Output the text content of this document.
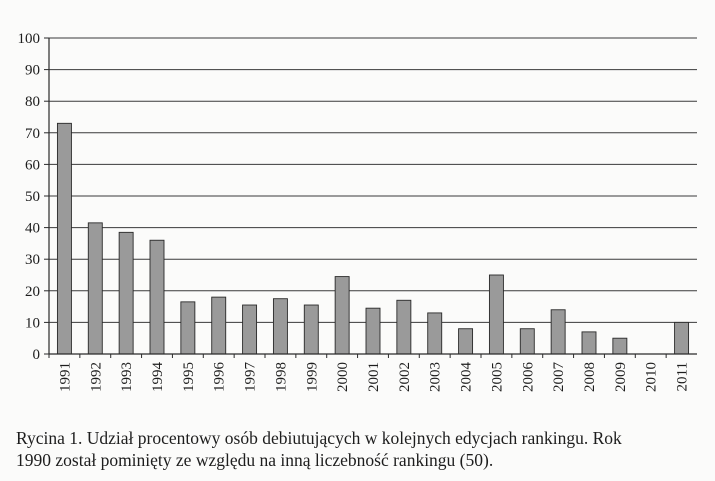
0
10
20
30
40
50
60
70
80
90
100
1991 1992 1993 1994 1995 1996 1997 1998 1999 2000 2001 2002 2003 2004 2005 2006 2007 2008 2009 2010 2011

Rycina 1. Udział procentowy osób debiutujących w kolejnych edycjach rankingu. Rok
1990 został pominięty ze względu na inną liczebność rankingu (50).
